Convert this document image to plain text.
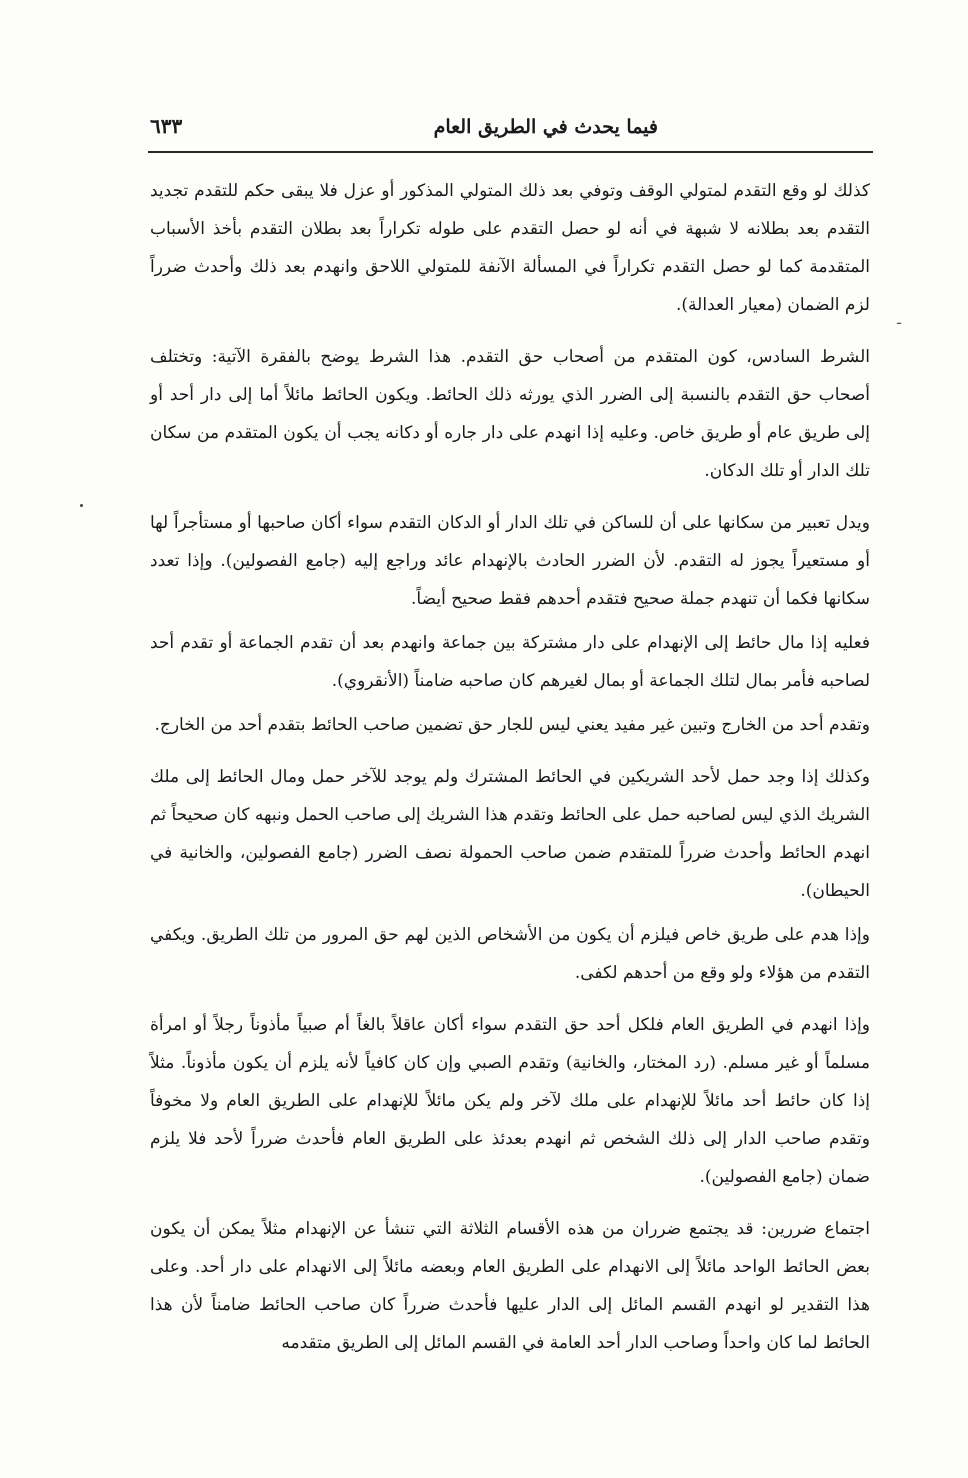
فيما يحدث في الطريق العام
٦٣٣
ـ

كذلك لو وقع التقدم لمتولي الوقف وتوفي بعد ذلك المتولي المذكور أو عزل فلا يبقى حكم للتقدم تجديد التقدم بعد بطلانه لا شبهة في أنه لو حصل التقدم على طوله تكراراً بعد بطلان التقدم بأخذ الأسباب المتقدمة كما لو حصل التقدم تكراراً في المسألة الآنفة للمتولي اللاحق وانهدم بعد ذلك وأحدث ضرراً لزم الضمان (معيار العدالة).

الشرط السادس، كون المتقدم من أصحاب حق التقدم. هذا الشرط يوضح بالفقرة الآتية: وتختلف أصحاب حق التقدم بالنسبة إلى الضرر الذي يورثه ذلك الحائط. ويكون الحائط مائلاً أما إلى دار أحد أو إلى طريق عام أو طريق خاص. وعليه إذا انهدم على دار جاره أو دكانه يجب أن يكون المتقدم من سكان تلك الدار أو تلك الدكان.

ويدل تعبير من سكانها على أن للساكن في تلك الدار أو الدكان التقدم سواء أكان صاحبها أو مستأجراً لها أو مستعيراً يجوز له التقدم. لأن الضرر الحادث بالإنهدام عائد وراجع إليه (جامع الفصولين). وإذا تعدد سكانها فكما أن تنهدم جملة صحيح فتقدم أحدهم فقط صحيح أيضاً.

فعليه إذا مال حائط إلى الإنهدام على دار مشتركة بين جماعة وانهدم بعد أن تقدم الجماعة أو تقدم أحد لصاحبه فأمر بمال لتلك الجماعة أو بمال لغيرهم كان صاحبه ضامناً (الأنقروي).

وتقدم أحد من الخارج وتبين غير مفيد يعني ليس للجار حق تضمين صاحب الحائط بتقدم أحد من الخارج.

وكذلك إذا وجد حمل لأحد الشريكين في الحائط المشترك ولم يوجد للآخر حمل ومال الحائط إلى ملك الشريك الذي ليس لصاحبه حمل على الحائط وتقدم هذا الشريك إلى صاحب الحمل ونبهه كان صحيحاً ثم انهدم الحائط وأحدث ضرراً للمتقدم ضمن صاحب الحمولة نصف الضرر (جامع الفصولين، والخانية في الحيطان).

وإذا هدم على طريق خاص فيلزم أن يكون من الأشخاص الذين لهم حق المرور من تلك الطريق. ويكفي التقدم من هؤلاء ولو وقع من أحدهم لكفى.

وإذا انهدم في الطريق العام فلكل أحد حق التقدم سواء أكان عاقلاً بالغاً أم صبياً مأذوناً رجلاً أو امرأة مسلماً أو غير مسلم. (رد المختار، والخانية) وتقدم الصبي وإن كان كافياً لأنه يلزم أن يكون مأذوناً. مثلاً إذا كان حائط أحد مائلاً للإنهدام على ملك لآخر ولم يكن مائلاً للإنهدام على الطريق العام ولا مخوفاً وتقدم صاحب الدار إلى ذلك الشخص ثم انهدم بعدئذ على الطريق العام فأحدث ضرراً لأحد فلا يلزم ضمان (جامع الفصولين).

اجتماع ضررين: قد يجتمع ضرران من هذه الأقسام الثلاثة التي تنشأ عن الإنهدام مثلاً يمكن أن يكون بعض الحائط الواحد مائلاً إلى الانهدام على الطريق العام وبعضه مائلاً إلى الانهدام على دار أحد. وعلى هذا التقدير لو انهدم القسم المائل إلى الدار عليها فأحدث ضرراً كان صاحب الحائط ضامناً لأن هذا الحائط لما كان واحداً وصاحب الدار أحد العامة في القسم المائل إلى الطريق متقدمه
